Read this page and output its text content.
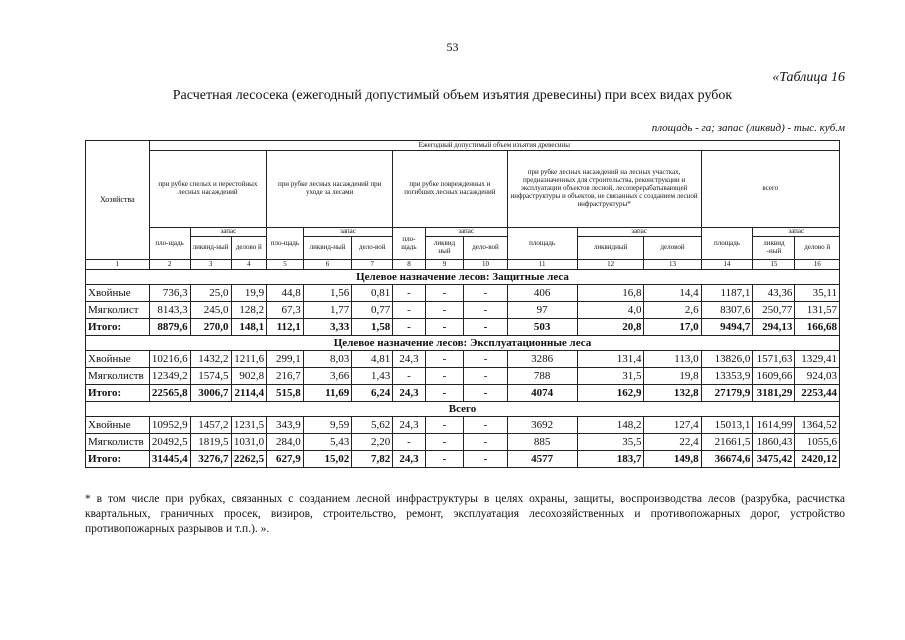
53
«Таблица 16
Расчетная лесосека (ежегодный допустимый объем изъятия древесины) при всех видах рубок
площадь - га; запас (ликвид) - тыс. куб.м
Хозяйства	Ежегодный допустимый объем изъятия древесины														
	при рубке спелых и перестойных лесных насаждений			при рубке лесных насаждений при уходе за лесами			при рубке поврежденных и погибших лесных насаждений			при рубке лесных насаждений на лесных участках, предназначенных для строительства, реконструкции и эксплуатации объектов лесной, лесоперерабатывающей инфраструктуры и объектов, не связанных с созданием лесной инфраструктуры*			всего		
	пло-щадь	запас		пло-щадь	запас		пло-щадь	запас		площадь	запас		площадь	запас	
		ликвид-ный	делово й		ликвид-ный	дело-вой		ликвид ный	дело-вой		ликвидный	деловой		ликвид -ный	делово й
1	2	3	4	5	6	7	8	9	10	11	12	13	14	15	16
Целевое назначение лесов: Защитные леса															
Хвойные	736,3	25,0	19,9	44,8	1,56	0,81	-	-	-	406	16,8	14,4	1187,1	43,36	35,11
Мягколист	8143,3	245,0	128,2	67,3	1,77	0,77	-	-	-	97	4,0	2,6	8307,6	250,77	131,57
Итого:	8879,6	270,0	148,1	112,1	3,33	1,58	-	-	-	503	20,8	17,0	9494,7	294,13	166,68
Целевое назначение лесов: Эксплуатационные леса															
Хвойные	10216,6	1432,2	1211,6	299,1	8,03	4,81	24,3	-	-	3286	131,4	113,0	13826,0	1571,63	1329,41
Мягколиств	12349,2	1574,5	902,8	216,7	3,66	1,43	-	-	-	788	31,5	19,8	13353,9	1609,66	924,03
Итого:	22565,8	3006,7	2114,4	515,8	11,69	6,24	24,3	-	-	4074	162,9	132,8	27179,9	3181,29	2253,44
Всего															
Хвойные	10952,9	1457,2	1231,5	343,9	9,59	5,62	24,3	-	-	3692	148,2	127,4	15013,1	1614,99	1364,52
Мягколиств	20492,5	1819,5	1031,0	284,0	5,43	2,20	-	-	-	885	35,5	22,4	21661,5	1860,43	1055,6
Итого:	31445,4	3276,7	2262,5	627,9	15,02	7,82	24,3	-	-	4577	183,7	149,8	36674,6	3475,42	2420,12
* в том числе при рубках, связанных с созданием лесной инфраструктуры в целях охраны, защиты, воспроизводства лесов (разрубка, расчистка квартальных, граничных просек, визиров, строительство, ремонт, эксплуатация лесохозяйственных и противопожарных дорог, устройство противопожарных разрывов и т.п.). ».
